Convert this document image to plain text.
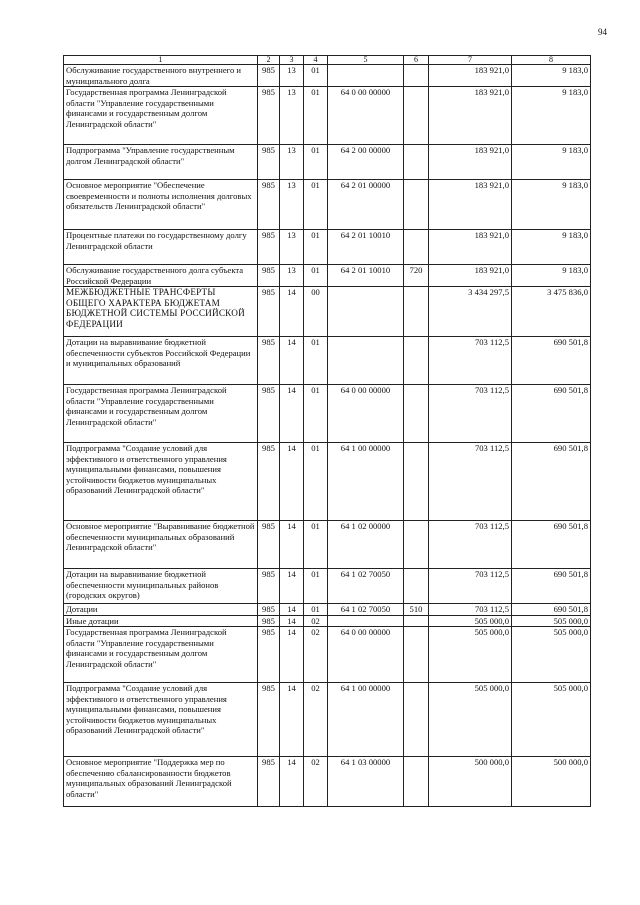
94
1	2	3	4	5	6	7	8
Обслуживание государственного внутреннего и муниципального долга	985	13	01			183 921,0	9 183,0
Государственная программа Ленинградской области "Управление государственными финансами и государственным долгом Ленинградской области"	985	13	01	64 0 00 00000		183 921,0	9 183,0
Подпрограмма "Управление государственным долгом Ленинградской области"	985	13	01	64 2 00 00000		183 921,0	9 183,0
Основное мероприятие "Обеспечение своевременности и полноты исполнения долговых обязательств Ленинградской области"	985	13	01	64 2 01 00000		183 921,0	9 183,0
Процентные платежи по государственному долгу Ленинградской области	985	13	01	64 2 01 10010		183 921,0	9 183,0
Обслуживание государственного долга субъекта Российской Федерации	985	13	01	64 2 01 10010	720	183 921,0	9 183,0
МЕЖБЮДЖЕТНЫЕ ТРАНСФЕРТЫ ОБЩЕГО ХАРАКТЕРА БЮДЖЕТАМ БЮДЖЕТНОЙ СИСТЕМЫ РОССИЙСКОЙ ФЕДЕРАЦИИ	985	14	00			3 434 297,5	3 475 836,0
Дотации на выравнивание бюджетной обеспеченности субъектов Российской Федерации и муниципальных образований	985	14	01			703 112,5	690 501,8
Государственная программа Ленинградской области "Управление государственными финансами и государственным долгом Ленинградской области"	985	14	01	64 0 00 00000		703 112,5	690 501,8
Подпрограмма "Создание условий для эффективного и ответственного управления муниципальными финансами, повышения устойчивости бюджетов муниципальных образований Ленинградской области"	985	14	01	64 1 00 00000		703 112,5	690 501,8
Основное мероприятие "Выравнивание бюджетной обеспеченности муниципальных образований Ленинградской области"	985	14	01	64 1 02 00000		703 112,5	690 501,8
Дотации на выравнивание бюджетной обеспеченности муниципальных районов (городских округов)	985	14	01	64 1 02 70050		703 112,5	690 501,8
Дотации	985	14	01	64 1 02 70050	510	703 112,5	690 501,8
Иные дотации	985	14	02			505 000,0	505 000,0
Государственная программа Ленинградской области "Управление государственными финансами и государственным долгом Ленинградской области"	985	14	02	64 0 00 00000		505 000,0	505 000,0
Подпрограмма "Создание условий для эффективного и ответственного управления муниципальными финансами, повышения устойчивости бюджетов муниципальных образований Ленинградской области"	985	14	02	64 1 00 00000		505 000,0	505 000,0
Основное мероприятие "Поддержка мер по обеспечению сбалансированности бюджетов муниципальных образований Ленинградской области"	985	14	02	64 1 03 00000		500 000,0	500 000,0
